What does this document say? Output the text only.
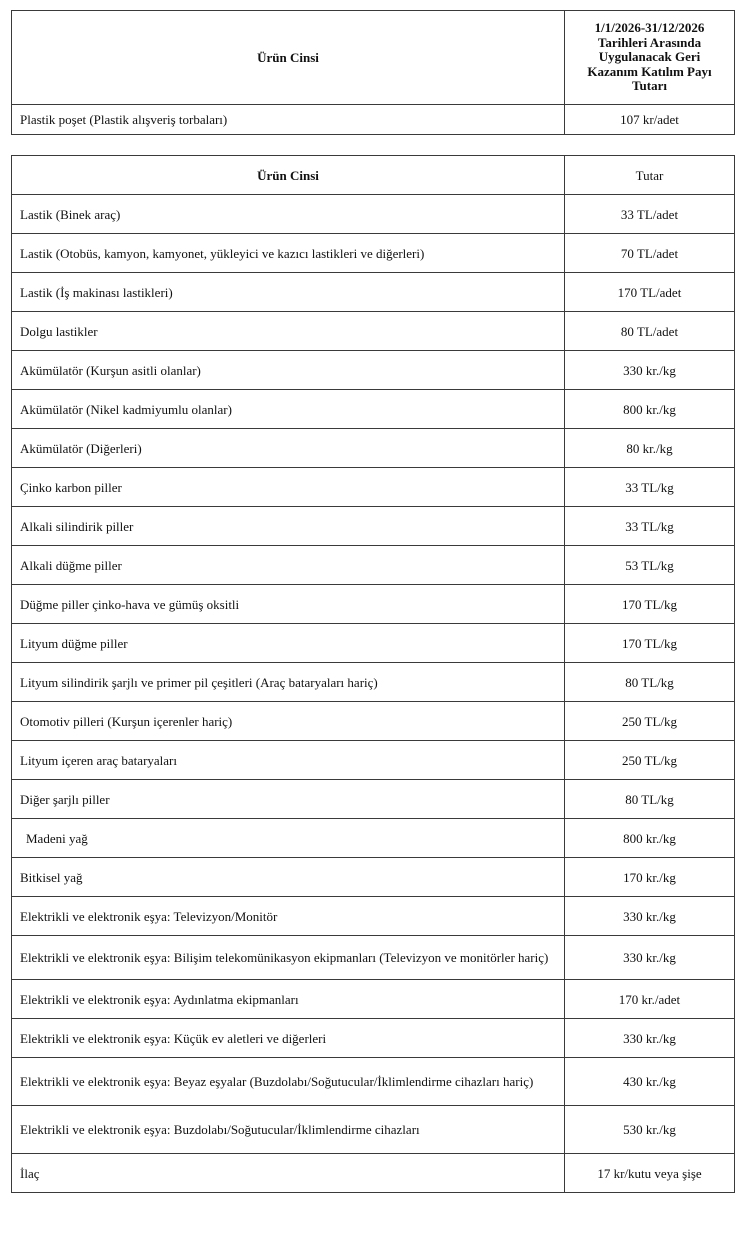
Ürün Cinsi	1/1/2026-31/12/2026 Tarihleri Arasında Uygulanacak Geri Kazanım Katılım Payı Tutarı
Plastik poşet (Plastik alışveriş torbaları)	107 kr/adet
Ürün Cinsi	Tutar
Lastik (Binek araç)	33 TL/adet
Lastik (Otobüs, kamyon, kamyonet, yükleyici ve kazıcı lastikleri ve diğerleri)	70 TL/adet
Lastik (İş makinası lastikleri)	170 TL/adet
Dolgu lastikler	80 TL/adet
Akümülatör (Kurşun asitli olanlar)	330 kr./kg
Akümülatör (Nikel kadmiyumlu olanlar)	800 kr./kg
Akümülatör (Diğerleri)	80 kr./kg
Çinko karbon piller	33 TL/kg
Alkali silindirik piller	33 TL/kg
Alkali düğme piller	53 TL/kg
Düğme piller çinko-hava ve gümüş oksitli	170 TL/kg
Lityum düğme piller	170 TL/kg
Lityum silindirik şarjlı ve primer pil çeşitleri (Araç bataryaları hariç)	80 TL/kg
Otomotiv pilleri (Kurşun içerenler hariç)	250 TL/kg
Lityum içeren araç bataryaları	250 TL/kg
Diğer şarjlı piller	80 TL/kg
Madeni yağ	800 kr./kg
Bitkisel yağ	170 kr./kg
Elektrikli ve elektronik eşya: Televizyon/Monitör	330 kr./kg
Elektrikli ve elektronik eşya: Bilişim telekomünikasyon ekipmanları (Televizyon ve monitörler hariç)	330 kr./kg
Elektrikli ve elektronik eşya: Aydınlatma ekipmanları	170 kr./adet
Elektrikli ve elektronik eşya: Küçük ev aletleri ve diğerleri	330 kr./kg
Elektrikli ve elektronik eşya: Beyaz eşyalar (Buzdolabı/Soğutucular/İklimlendirme cihazları hariç)	430 kr./kg
Elektrikli ve elektronik eşya: Buzdolabı/Soğutucular/İklimlendirme cihazları	530 kr./kg
İlaç	17 kr/kutu veya şişe
